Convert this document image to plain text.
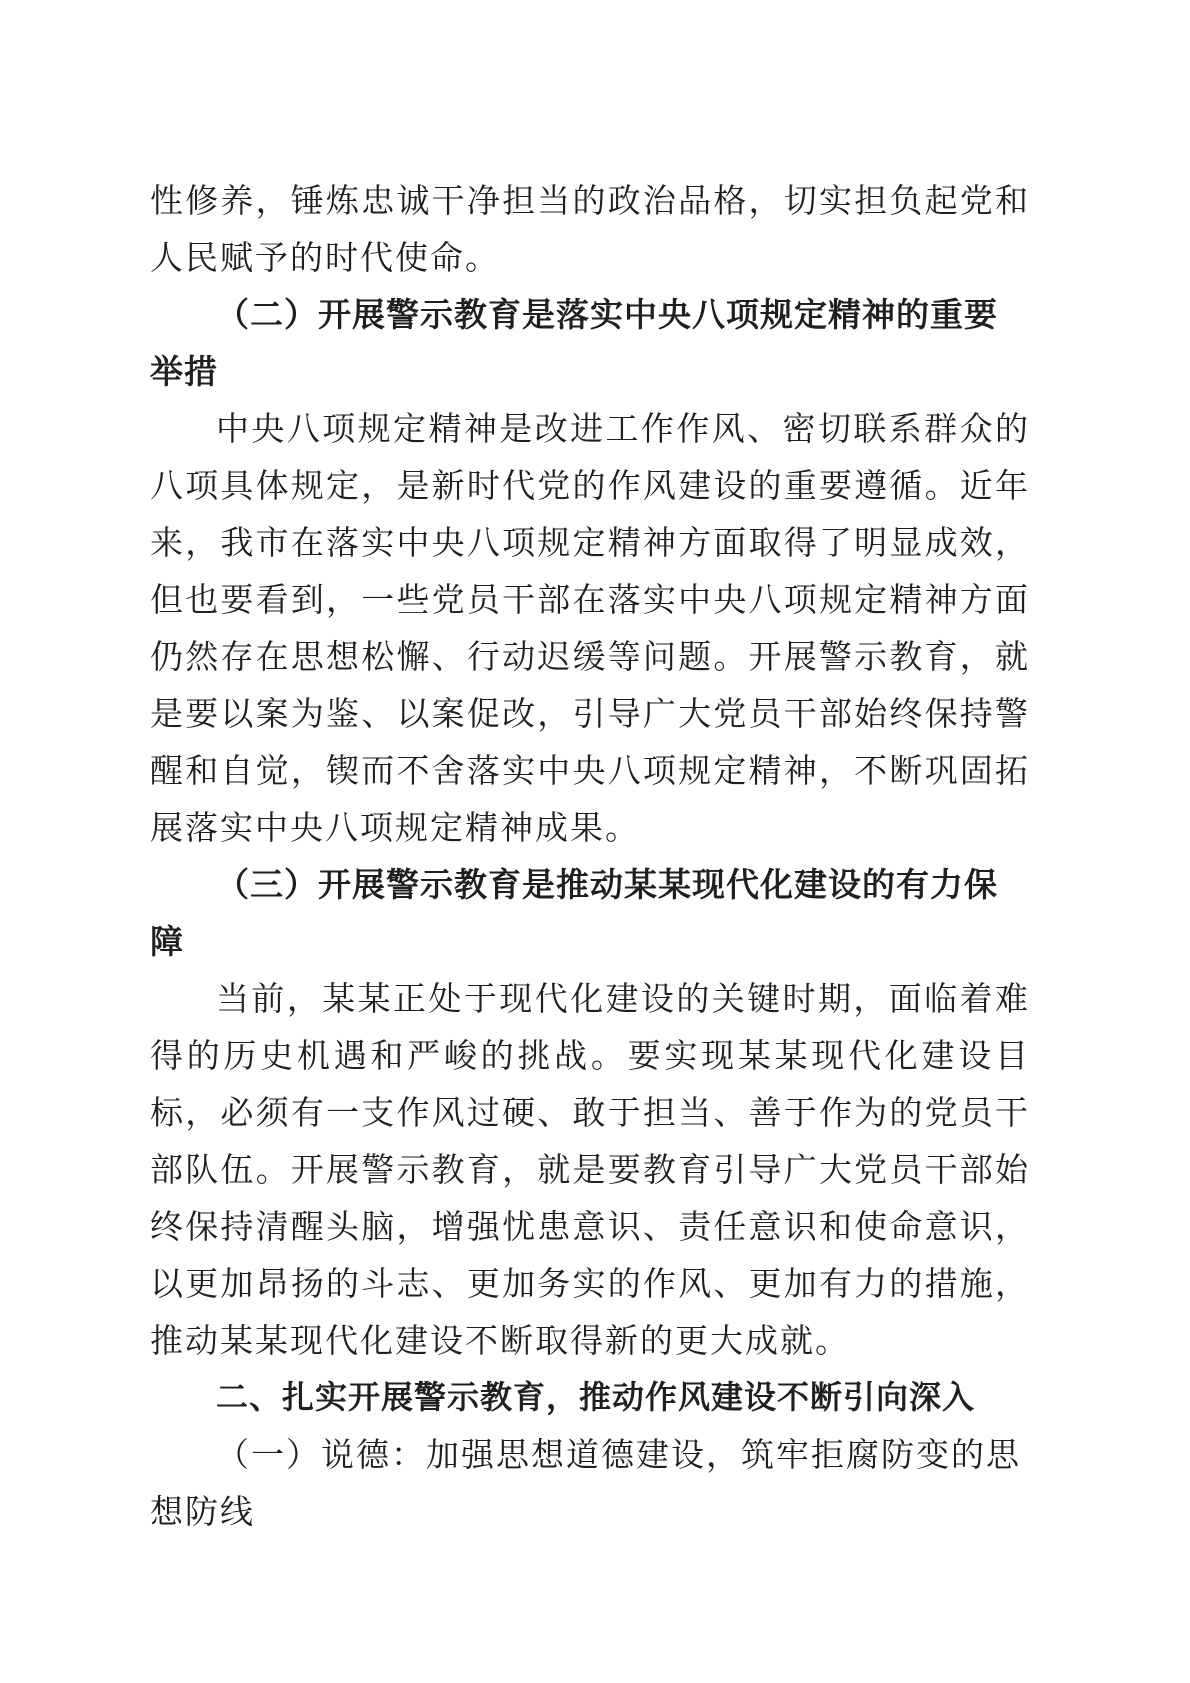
性修养，锤炼忠诚干净担当的政治品格，切实担负起党和人民赋予的时代使命。

（二）开展警示教育是落实中央八项规定精神的重要举措

中央八项规定精神是改进工作作风、密切联系群众的八项具体规定，是新时代党的作风建设的重要遵循。近年来，我市在落实中央八项规定精神方面取得了明显成效，但也要看到，一些党员干部在落实中央八项规定精神方面仍然存在思想松懈、行动迟缓等问题。开展警示教育，就是要以案为鉴、以案促改，引导广大党员干部始终保持警醒和自觉，锲而不舍落实中央八项规定精神，不断巩固拓展落实中央八项规定精神成果。

（三）开展警示教育是推动某某现代化建设的有力保障

当前，某某正处于现代化建设的关键时期，面临着难得的历史机遇和严峻的挑战。要实现某某现代化建设目标，必须有一支作风过硬、敢于担当、善于作为的党员干部队伍。开展警示教育，就是要教育引导广大党员干部始终保持清醒头脑，增强忧患意识、责任意识和使命意识，以更加昂扬的斗志、更加务实的作风、更加有力的措施，推动某某现代化建设不断取得新的更大成就。

二、扎实开展警示教育，推动作风建设不断引向深入

（一）说德：加强思想道德建设，筑牢拒腐防变的思想防线
